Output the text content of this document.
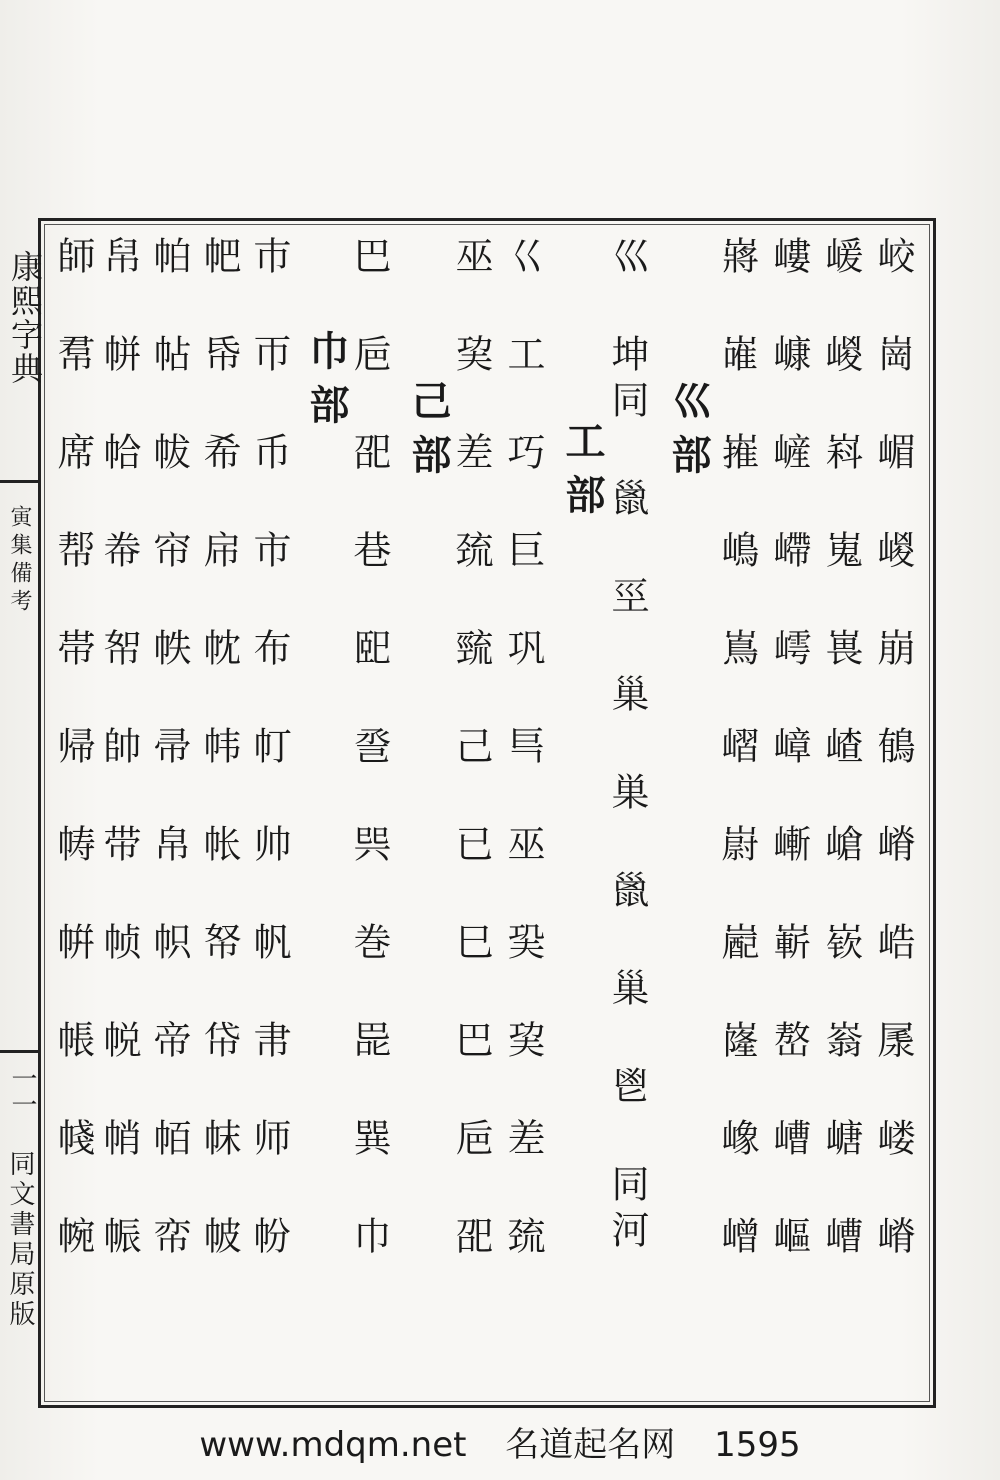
康熙字典
寅集備考
一一
同文書局原版	峧 崗 嵋 嵕 崩 䳑 嵴 峼 㞙 嵝 嵴
嵈 嵕 嵙 嵬 嵔 嵖 嵢 嵚 嵡 嵣 嶆
嶁 嵻 嵼 嵽 嶀 嶂 嶃 嶄 嶅 嶆 嶇
嶈 嶉 嶊 嶋 嶌 嶍 嶎 嶏 嶐 嶑 嶒
巛部
巛 坤同 巤 巠 巢 巣 巤 巢 鬯 同河
工部
巜 工 巧 巨 巩 巪 巫 巬 巭 差 巯
巫 巭 差 巯 巰 己 已 巳 巴 巵 巶
己部
巴 巵 巶 巷 巸 巹 巺 巻 巼 巽 巾
巾部
巿 帀 币 市 布 帄 帅 帆 帇 师 帉
帊 帋 希 帍 帎 帏 帐 帑 帒 帓 帔
帕 帖 帗 帘 帙 帚 帛 帜 帝 帞 帟
帠 帡 帢 帣 帤 帥 带 帧 帨 帩 帪
師 帬 席 帮 帯 帰 帱 帲 帳 帴 帵
www.mdqm.net 名道起名网 1595
